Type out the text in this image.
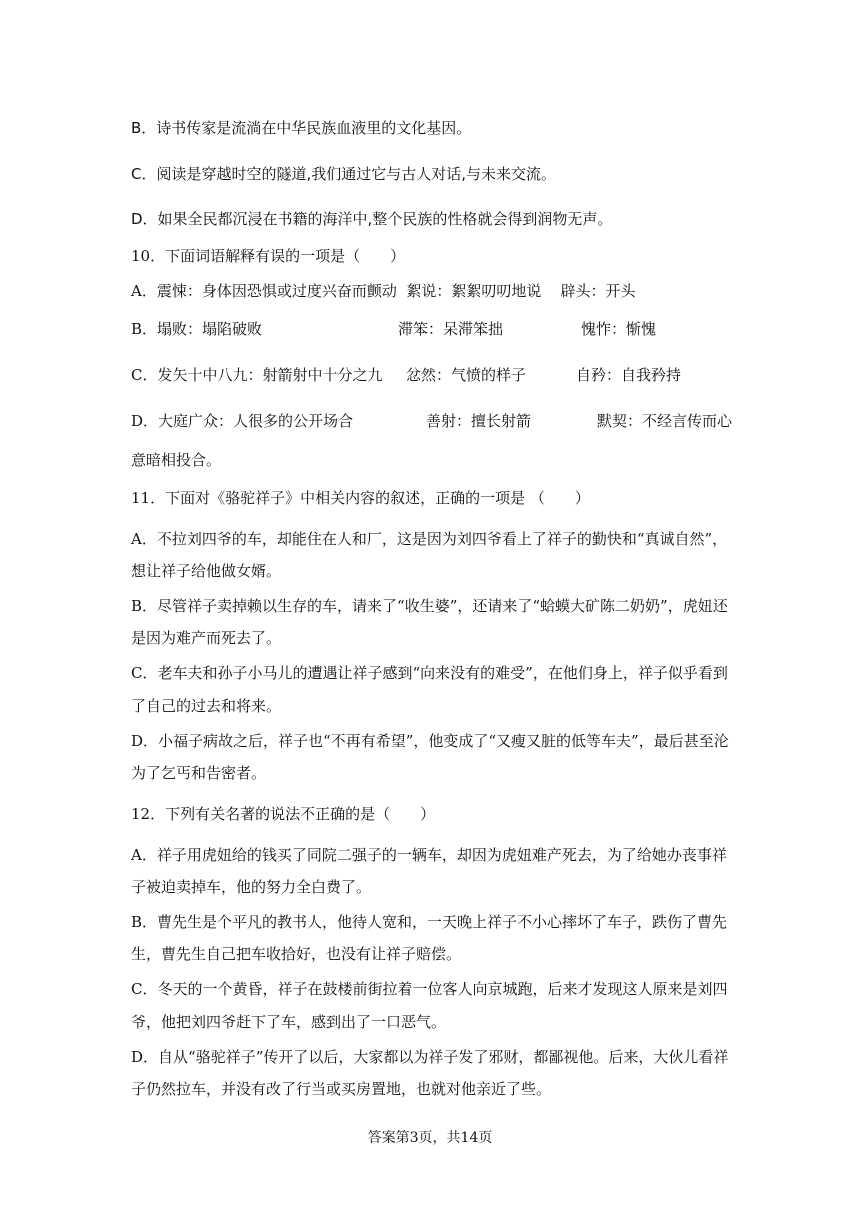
B．诗书传家是流淌在中华民族血液里的文化基因。
C．阅读是穿越时空的隧道,我们通过它与古人对话,与未来交流。
D．如果全民都沉浸在书籍的海洋中,整个民族的性格就会得到润物无声。
10．下面词语解释有误的一项是（　　）
A．震悚：身体因恐惧或过度兴奋而颤动  絮说：絮絮叨叨地说    辟头：开头
B．塌败：塌陷破败	滞笨：呆滞笨拙	愧怍：惭愧
C．发矢十中八九：射箭射中十分之九 忿然：气愤的样子	自矜：自我矜持
D．大庭广众：人很多的公开场合	善射：擅长射箭	默契：不经言传而心
意暗相投合。
11．下面对《骆驼祥子》中相关内容的叙述，正确的一项是 （　　）
A．不拉刘四爷的车，却能住在人和厂，这是因为刘四爷看上了祥子的勤快和“真诚自然”，
想让祥子给他做女婿。
B．尽管祥子卖掉赖以生存的车，请来了“收生婆”，还请来了“蛤蟆大矿陈二奶奶”，虎妞还
是因为难产而死去了。
C．老车夫和孙子小马儿的遭遇让祥子感到“向来没有的难受”，在他们身上，祥子似乎看到
了自己的过去和将来。
D．小福子病故之后，祥子也“不再有希望”，他变成了“又瘦又脏的低等车夫”，最后甚至沦
为了乞丐和告密者。
12．下列有关名著的说法不正确的是（　　）
A．祥子用虎妞给的钱买了同院二强子的一辆车，却因为虎妞难产死去，为了给她办丧事祥
子被迫卖掉车，他的努力全白费了。
B．曹先生是个平凡的教书人，他待人宽和，一天晚上祥子不小心摔坏了车子，跌伤了曹先
生，曹先生自己把车收拾好，也没有让祥子赔偿。
C．冬天的一个黄昏，祥子在鼓楼前街拉着一位客人向京城跑，后来才发现这人原来是刘四
爷，他把刘四爷赶下了车，感到出了一口恶气。
D．自从“骆驼祥子”传开了以后，大家都以为祥子发了邪财，都鄙视他。后来，大伙儿看祥
子仍然拉车，并没有改了行当或买房置地，也就对他亲近了些。
答案第3页，共14页
